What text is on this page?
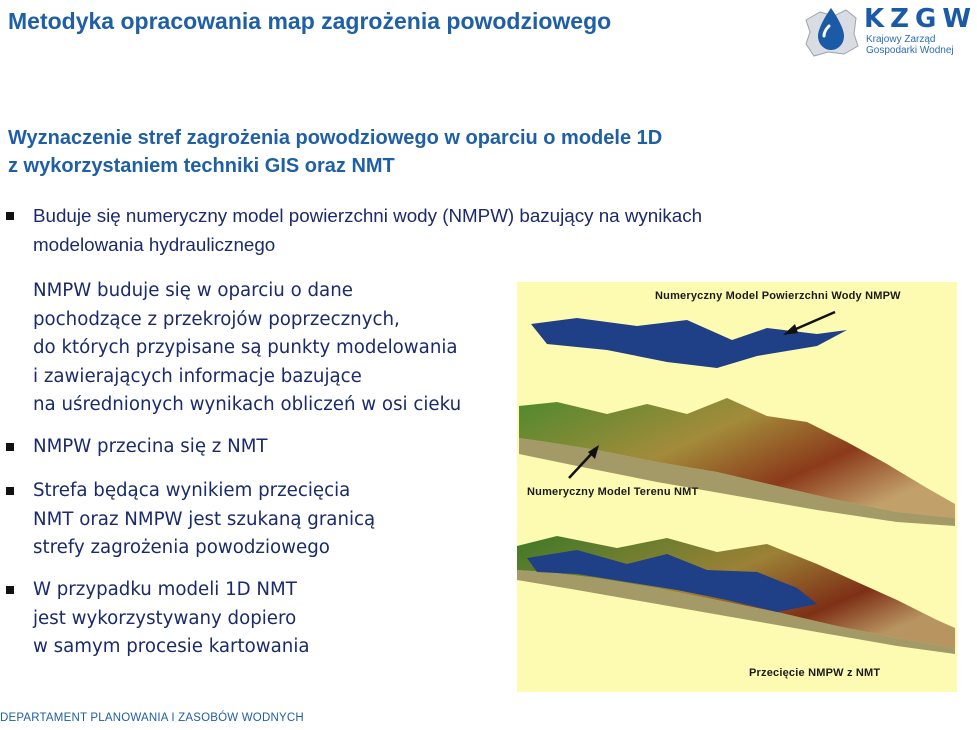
Metodyka opracowania map zagrożenia powodziowego	KZGW
Krajowy Zarząd
Gospodarki Wodnej
Wyznaczenie stref zagrożenia powodziowego w oparciu o modele 1D
z wykorzystaniem techniki GIS oraz NMT
Buduje się numeryczny model powierzchni wody (NMPW) bazujący na wynikach
modelowania hydraulicznego
NMPW buduje się w oparciu o dane
pochodzące z przekrojów poprzecznych,
do których przypisane są punkty modelowania
i zawierających informacje bazujące
na uśrednionych wynikach obliczeń w osi cieku
NMPW przecina się z NMT
Strefa będąca wynikiem przecięcia
NMT oraz NMPW jest szukaną granicą
strefy zagrożenia powodziowego
W przypadku modeli 1D NMT
jest wykorzystywany dopiero
w samym procesie kartowania
Numeryczny Model Powierzchni Wody NMPW
Numeryczny Model Terenu NMT
Przecięcie NMPW z NMT
DEPARTAMENT PLANOWANIA I ZASOBÓW WODNYCH
